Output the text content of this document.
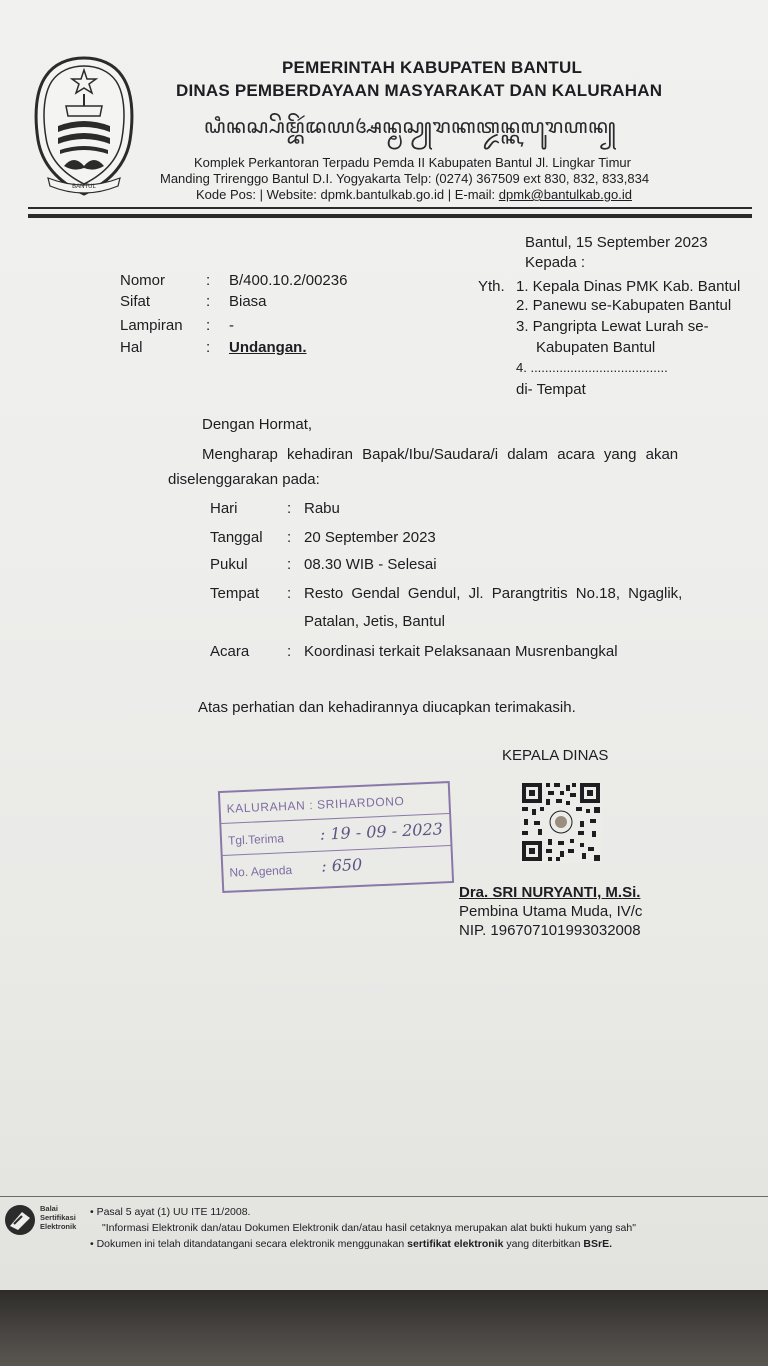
BANTUL
PEMERINTAH KABUPATEN BANTUL
DINAS PEMBERDAYAAN MASYARAKAT DAN KALURAHAN
ꦝꦶꦤꦱ꧀ꦥꦼꦩ꧀ꦧꦼꦂꦢꦪꦄꦤ꧀ꦩꦱꦾꦫꦏꦠ꧀ꦢꦤ꧀ꦏꦭꦸꦫꦲꦤ꧀
Komplek Perkantoran Terpadu Pemda II Kabupaten Bantul Jl. Lingkar Timur
Manding Trirenggo Bantul D.I. Yogyakarta Telp: (0274) 367509 ext 830, 832, 833,834
Kode Pos: | Website: dpmk.bantulkab.go.id | E-mail: dpmk@bantulkab.go.id
Bantul, 15 September 2023
Kepada :
Nomor	: B/400.10.2/00236
Sifat	: Biasa
Lampiran : -
Hal	: Undangan.
Yth. 1. Kepala Dinas PMK Kab. Bantul
2. Panewu se-Kabupaten Bantul
3. Pangripta Lewat Lurah se-
Kabupaten Bantul
4. ......................................
di- Tempat
Dengan Hormat,
Mengharap kehadiran Bapak/Ibu/Saudara/i dalam acara yang akan
diselenggarakan pada:
Hari	: Rabu
Tanggal : 20 September 2023
Pukul	: 08.30 WIB - Selesai
Tempat : Resto Gendal Gendul, Jl. Parangtritis No.18, Ngaglik,
Patalan, Jetis, Bantul
Acara	: Koordinasi terkait Pelaksanaan Musrenbangkal
Atas perhatian dan kehadirannya diucapkan terimakasih.
KEPALA DINAS
Dra. SRI NURYANTI, M.Si.
Pembina Utama Muda, IV/c
NIP. 196707101993032008
KALURAHAN : SRIHARDONO
Tgl.Terima : 19 - 09 - 2023
No. Agenda : 650
Balai
Sertifikasi
Elektronik
• Pasal 5 ayat (1) UU ITE 11/2008.
"Informasi Elektronik dan/atau Dokumen Elektronik dan/atau hasil cetaknya merupakan alat bukti hukum yang sah"
• Dokumen ini telah ditandatangani secara elektronik menggunakan sertifikat elektronik yang diterbitkan BSrE.
